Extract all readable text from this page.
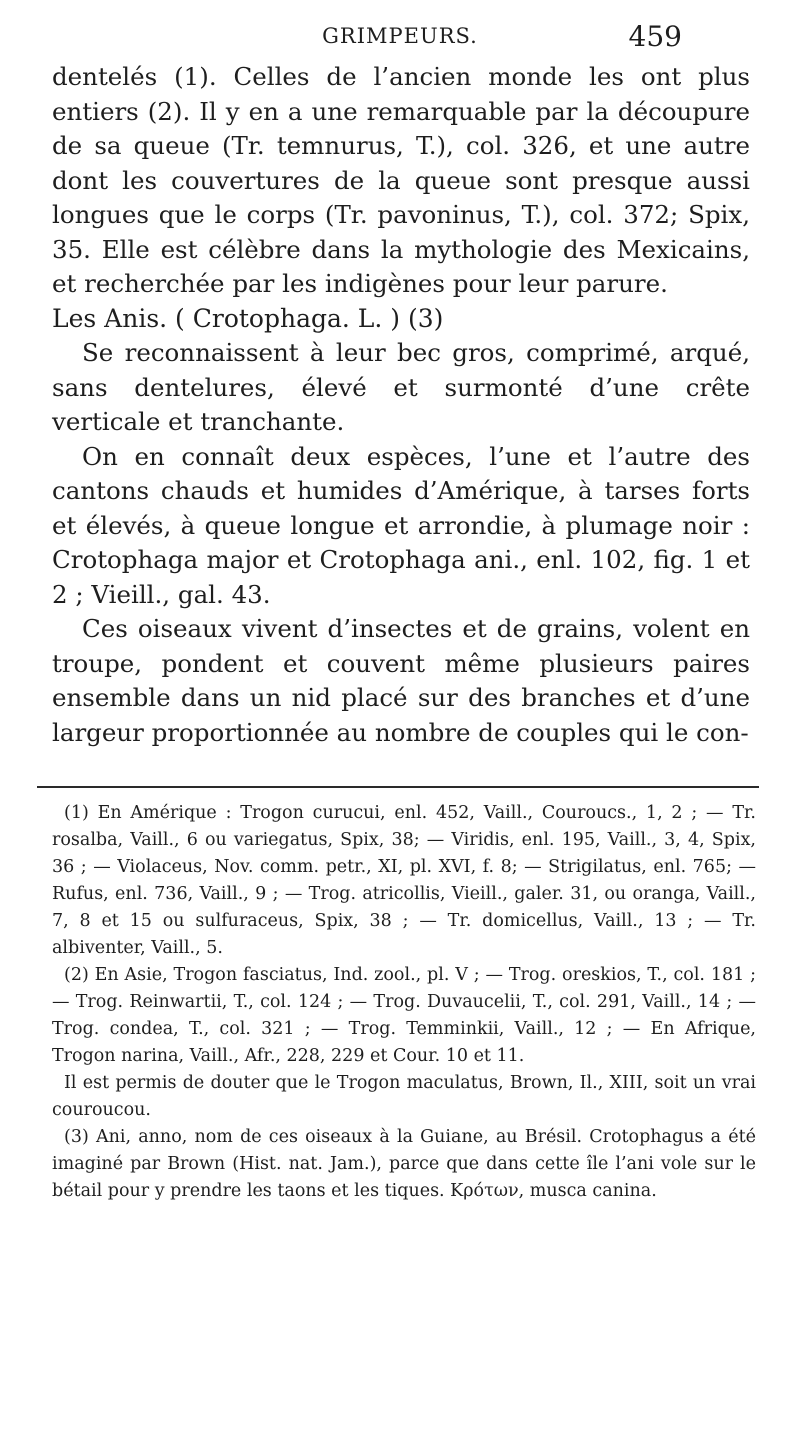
GRIMPEURS.	459

dentelés (1). Celles de l’ancien monde les ont plus entiers (2). Il y en a une remarquable par la découpure de sa queue (Tr. temnurus, T.), col. 326, et une autre dont les couvertures de la queue sont presque aussi longues que le corps (Tr. pavoninus, T.), col. 372; Spix, 35. Elle est célèbre dans la mythologie des Mexicains, et recherchée par les indigènes pour leur parure.

Les Anis. ( Crotophaga. L. ) (3)

Se reconnaissent à leur bec gros, comprimé, arqué, sans dentelures, élevé et surmonté d’une crête verticale et tranchante.

On en connaît deux espèces, l’une et l’autre des cantons chauds et humides d’Amérique, à tarses forts et élevés, à queue longue et arrondie, à plumage noir : Crotophaga major et Crotophaga ani., enl. 102, fig. 1 et 2 ; Vieill., gal. 43.

Ces oiseaux vivent d’insectes et de grains, volent en troupe, pondent et couvent même plusieurs paires ensemble dans un nid placé sur des branches et d’une largeur proportionnée au nombre de couples qui le con-

(1) En Amérique : Trogon curucui, enl. 452, Vaill., Couroucs., 1, 2 ; — Tr. rosalba, Vaill., 6 ou variegatus, Spix, 38; — Viridis, enl. 195, Vaill., 3, 4, Spix, 36 ; — Violaceus, Nov. comm. petr., XI, pl. XVI, f. 8; — Strigilatus, enl. 765; — Rufus, enl. 736, Vaill., 9 ; — Trog. atricollis, Vieill., galer. 31, ou oranga, Vaill., 7, 8 et 15 ou sulfuraceus, Spix, 38 ; — Tr. domicellus, Vaill., 13 ; — Tr. albiventer, Vaill., 5.

(2) En Asie, Trogon fasciatus, Ind. zool., pl. V ; — Trog. oreskios, T., col. 181 ; — Trog. Reinwartii, T., col. 124 ; — Trog. Duvaucelii, T., col. 291, Vaill., 14 ; — Trog. condea, T., col. 321 ; — Trog. Temminkii, Vaill., 12 ; — En Afrique, Trogon narina, Vaill., Afr., 228, 229 et Cour. 10 et 11.

Il est permis de douter que le Trogon maculatus, Brown, Il., XIII, soit un vrai couroucou.

(3) Ani, anno, nom de ces oiseaux à la Guiane, au Brésil. Crotophagus a été imaginé par Brown (Hist. nat. Jam.), parce que dans cette île l’ani vole sur le bétail pour y prendre les taons et les tiques. Κρότων, musca canina.
